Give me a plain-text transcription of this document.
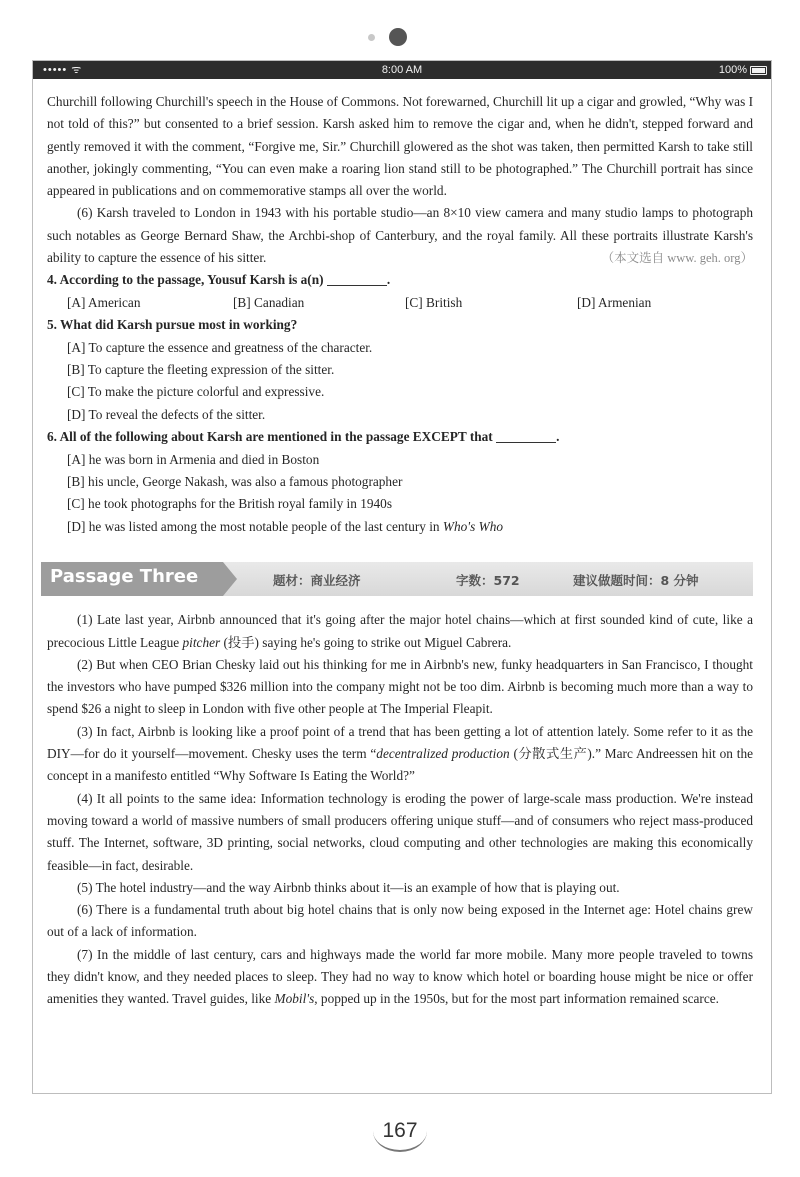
••••• ᯤ	8:00 AM	100%

Churchill following Churchill's speech in the House of Commons. Not forewarned, Churchill lit up a cigar and growled, “Why was I not told of this?” but consented to a brief session. Karsh asked him to remove the cigar and, when he didn't, stepped forward and gently removed it with the comment, “Forgive me, Sir.” Churchill glowered as the shot was taken, then permitted Karsh to take still another, jokingly commenting, “You can even make a roaring lion stand still to be photographed.” The Churchill portrait has since appeared in publications and on commemorative stamps all over the world.

(6) Karsh traveled to London in 1943 with his portable studio—an 8×10 view camera and many studio lamps to photograph such notables as George Bernard Shaw, the Archbi-shop of Canterbury, and the royal family. All these portraits illustrate Karsh's ability to capture the essence of his sitter.	（本文选自 www. geh. org）

4. According to the passage, Yousuf Karsh is a(n)	.

[A] American	[B] Canadian	[C] British	[D] Armenian

5. What did Karsh pursue most in working?

[A] To capture the essence and greatness of the character.

[B] To capture the fleeting expression of the sitter.

[C] To make the picture colorful and expressive.

[D] To reveal the defects of the sitter.

6. All of the following about Karsh are mentioned in the passage EXCEPT that	.

[A] he was born in Armenia and died in Boston

[B] his uncle, George Nakash, was also a famous photographer

[C] he took photographs for the British royal family in 1940s

[D] he was listed among the most notable people of the last century in Who's Who

Passage Three	题材：商业经济	字数：572	建议做题时间：8 分钟

(1) Late last year, Airbnb announced that it's going after the major hotel chains—which at first sounded kind of cute, like a precocious Little League pitcher (投手) saying he's going to strike out Miguel Cabrera.

(2) But when CEO Brian Chesky laid out his thinking for me in Airbnb's new, funky headquarters in San Francisco, I thought the investors who have pumped $326 million into the company might not be too dim. Airbnb is becoming much more than a way to spend $26 a night to sleep in London with five other people at The Imperial Fleapit.

(3) In fact, Airbnb is looking like a proof point of a trend that has been getting a lot of attention lately. Some refer to it as the DIY—for do it yourself—movement. Chesky uses the term “decentralized production (分散式生产).” Marc Andreessen hit on the concept in a manifesto entitled “Why Software Is Eating the World?”

(4) It all points to the same idea: Information technology is eroding the power of large-scale mass production. We're instead moving toward a world of massive numbers of small producers offering unique stuff—and of consumers who reject mass-produced stuff. The Internet, software, 3D printing, social networks, cloud computing and other technologies are making this economically feasible—in fact, desirable.

(5) The hotel industry—and the way Airbnb thinks about it—is an example of how that is playing out.

(6) There is a fundamental truth about big hotel chains that is only now being exposed in the Internet age: Hotel chains grew out of a lack of information.

(7) In the middle of last century, cars and highways made the world far more mobile. Many more people traveled to towns they didn't know, and they needed places to sleep. They had no way to know which hotel or boarding house might be nice or offer amenities they wanted. Travel guides, like Mobil's, popped up in the 1950s, but for the most part information remained scarce.

167
